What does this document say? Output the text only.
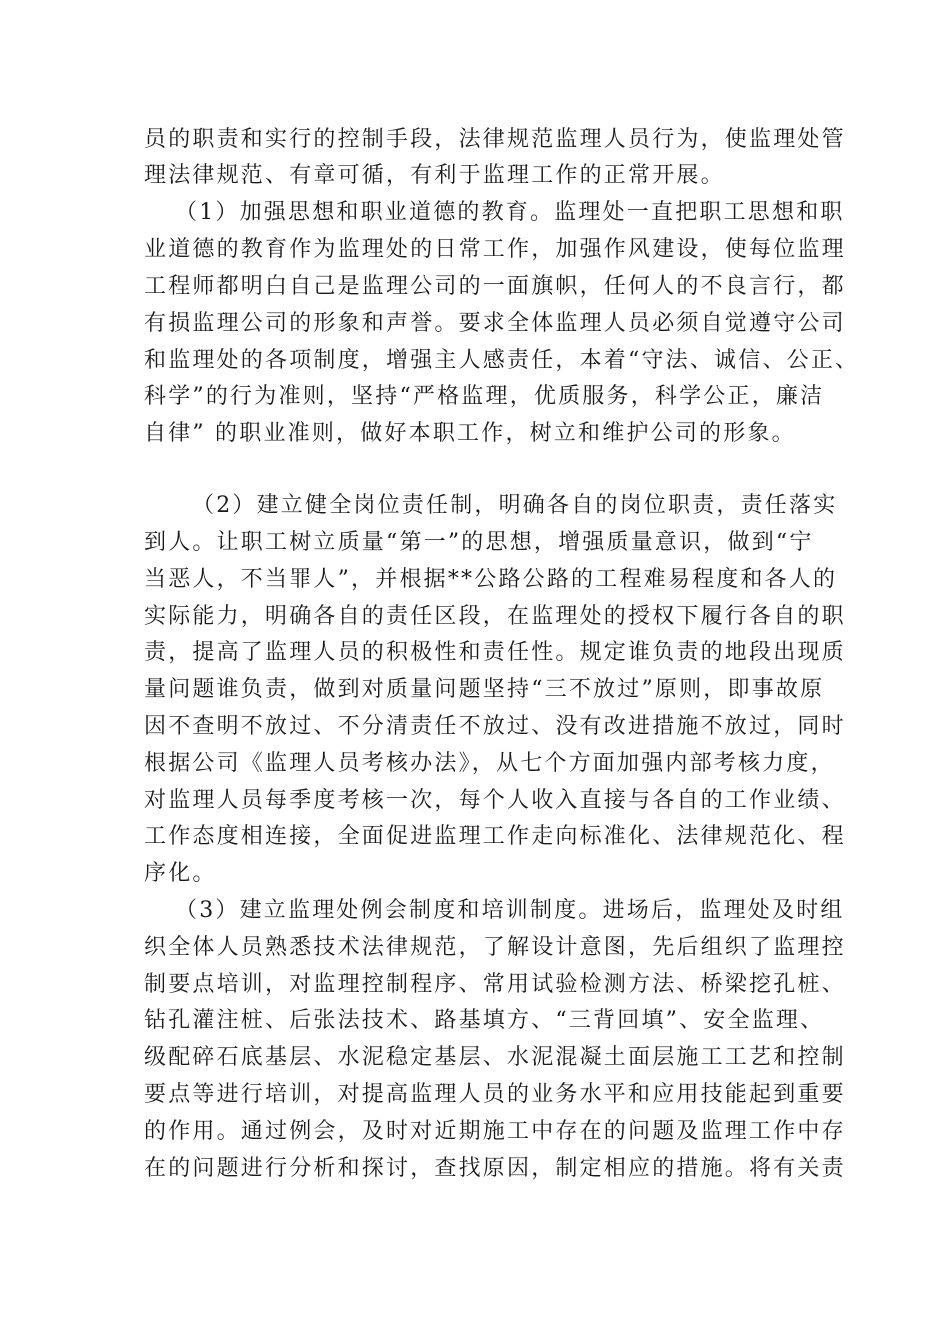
员的职责和实行的控制手段，法律规范监理人员行为，使监理处管
理法律规范、有章可循，有利于监理工作的正常开展。
（1）加强思想和职业道德的教育。监理处一直把职工思想和职
业道德的教育作为监理处的日常工作，加强作风建设，使每位监理
工程师都明白自己是监理公司的一面旗帜，任何人的不良言行，都
有损监理公司的形象和声誉。要求全体监理人员必须自觉遵守公司
和监理处的各项制度，增强主人感责任，本着“守法、诚信、公正、
科学”的行为准则，坚持“严格监理，优质服务，科学公正，廉洁
自律” 的职业准则，做好本职工作，树立和维护公司的形象。
（2）建立健全岗位责任制，明确各自的岗位职责，责任落实
到人。让职工树立质量“第一”的思想，增强质量意识，做到“宁
当恶人，不当罪人”，并根据**公路公路的工程难易程度和各人的
实际能力，明确各自的责任区段，在监理处的授权下履行各自的职
责，提高了监理人员的积极性和责任性。规定谁负责的地段出现质
量问题谁负责，做到对质量问题坚持“三不放过”原则，即事故原
因不查明不放过、不分清责任不放过、没有改进措施不放过，同时
根据公司《监理人员考核办法》，从七个方面加强内部考核力度，
对监理人员每季度考核一次，每个人收入直接与各自的工作业绩、
工作态度相连接，全面促进监理工作走向标准化、法律规范化、程
序化。
（3）建立监理处例会制度和培训制度。进场后，监理处及时组
织全体人员熟悉技术法律规范，了解设计意图，先后组织了监理控
制要点培训，对监理控制程序、常用试验检测方法、桥梁挖孔桩、
钻孔灌注桩、后张法技术、路基填方、“三背回填”、安全监理、
级配碎石底基层、水泥稳定基层、水泥混凝土面层施工工艺和控制
要点等进行培训，对提高监理人员的业务水平和应用技能起到重要
的作用。通过例会，及时对近期施工中存在的问题及监理工作中存
在的问题进行分析和探讨，查找原因，制定相应的措施。将有关责
